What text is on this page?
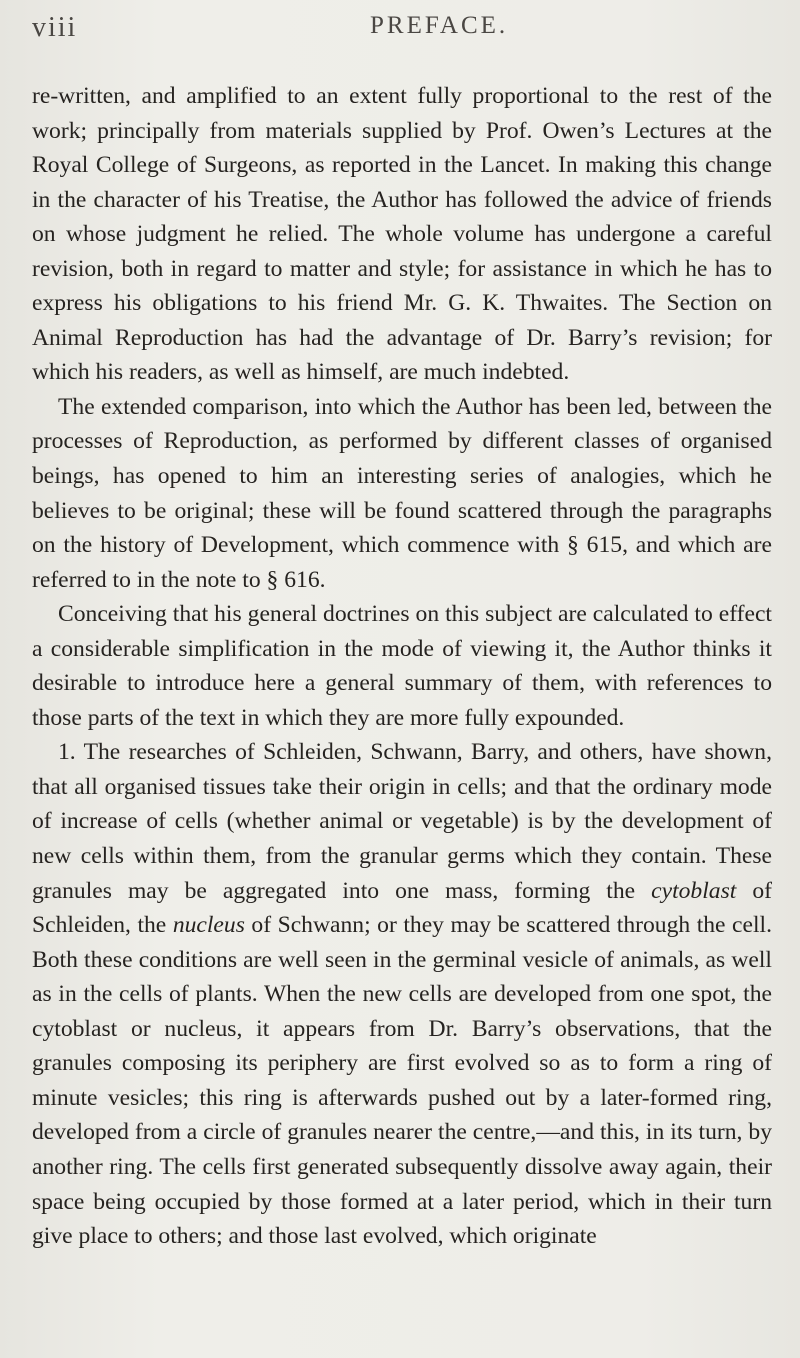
viii	PREFACE.

re-written, and amplified to an extent fully proportional to the rest of the work; principally from materials supplied by Prof. Owen’s Lectures at the Royal College of Surgeons, as reported in the Lancet. In making this change in the character of his Treatise, the Author has followed the advice of friends on whose judgment he relied. The whole volume has undergone a careful revision, both in regard to matter and style; for assistance in which he has to express his obligations to his friend Mr. G. K. Thwaites. The Section on Animal Reproduction has had the advantage of Dr. Barry’s revision; for which his readers, as well as himself, are much indebted.

The extended comparison, into which the Author has been led, between the processes of Reproduction, as performed by different classes of organised beings, has opened to him an interesting series of analogies, which he believes to be original; these will be found scattered through the paragraphs on the history of Development, which commence with § 615, and which are referred to in the note to § 616.

Conceiving that his general doctrines on this subject are calculated to effect a considerable simplification in the mode of viewing it, the Author thinks it desirable to introduce here a general summary of them, with references to those parts of the text in which they are more fully expounded.

1. The researches of Schleiden, Schwann, Barry, and others, have shown, that all organised tissues take their origin in cells; and that the ordinary mode of increase of cells (whether animal or vegetable) is by the development of new cells within them, from the granular germs which they contain. These granules may be aggregated into one mass, forming the cytoblast of Schleiden, the nucleus of Schwann; or they may be scattered through the cell. Both these conditions are well seen in the germinal vesicle of animals, as well as in the cells of plants. When the new cells are developed from one spot, the cytoblast or nucleus, it appears from Dr. Barry’s observations, that the granules composing its periphery are first evolved so as to form a ring of minute vesicles; this ring is afterwards pushed out by a later-formed ring, developed from a circle of granules nearer the centre,—and this, in its turn, by another ring. The cells first generated subsequently dissolve away again, their space being occupied by those formed at a later period, which in their turn give place to others; and those last evolved, which originate
